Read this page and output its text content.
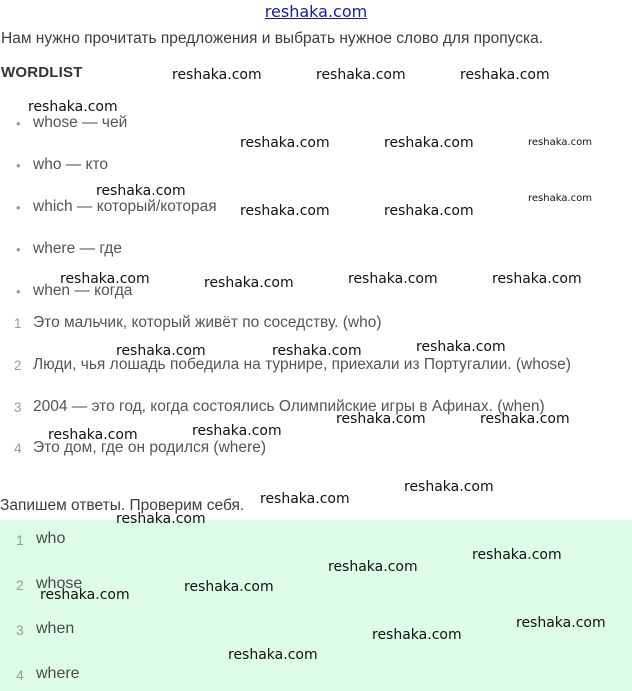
reshaka.com
Нам нужно прочитать предложения и выбрать нужное слово для пропуска.
WORDLIST
• whose — чей
• who — кто
• which — который/которая
• where — где
• when — когда
1 Это мальчик, который живёт по соседству. (who)
2 Люди, чья лошадь победила на турнире, приехали из Португалии. (whose)
3 2004 — это год, когда состоялись Олимпийские игры в Афинах. (when)
4 Это дом, где он родился (where)
Запишем ответы. Проверим себя.
1 who
2 whose
3 when
4 where
reshaka.com	reshaka.com	reshaka.com
reshaka.com
reshaka.com	reshaka.com	reshaka.com
reshaka.com	reshaka.com
reshaka.com	reshaka.com
reshaka.com	reshaka.com	reshaka.com
reshaka.com
reshaka.com
reshaka.com	reshaka.com
reshaka.com	reshaka.com
reshaka.com
reshaka.com
reshaka.com
reshaka.com
reshaka.com
reshaka.com
reshaka.com
reshaka.com
reshaka.com
reshaka.com
reshaka.com
reshaka.com
